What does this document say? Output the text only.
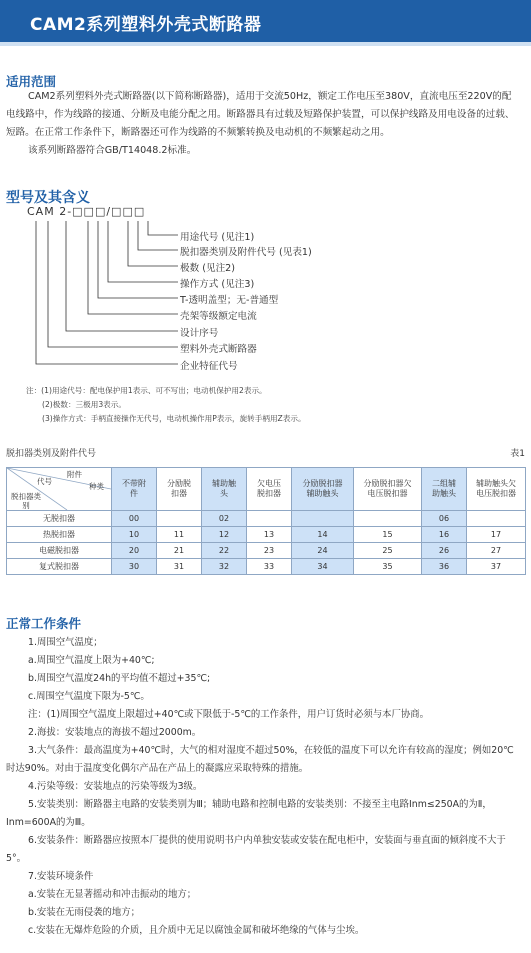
CAM2系列塑料外壳式断路器
适用范围

CAM2系列塑料外壳式断路器(以下简称断路器)，适用于交流50Hz，额定工作电压至380V，直流电压至220V的配电线路中，作为线路的接通、分断及电能分配之用。断路器具有过载及短路保护装置，可以保护线路及用电设备的过载、短路。在正常工作条件下，断路器还可作为线路的不频繁转换及电动机的不频繁起动之用。

该系列断路器符合GB/T14048.2标准。

型号及其含义
CAM 2-□□□/□□□
用途代号 (见注1)
脱扣器类别及附件代号 (见表1)
极数 (见注2)
操作方式 (见注3)
T-透明盖型；无-普通型
壳架等级额定电流
设计序号
塑料外壳式断路器
企业特征代号
注：(1)用途代号：配电保护用1表示、可不写出；电动机保护用2表示。
(2)极数：三极用3表示。
(3)操作方式：手柄直接操作无代号，电动机操作用P表示，旋转手柄用Z表示。
脱扣器类别及附件代号	表1
附件
代号
种类
脱扣器类别	不带附件	分励脱扣器	辅助触头	欠电压脱扣器	分励脱扣器辅助触头	分励脱扣器欠电压脱扣器	二组辅助触头	辅助触头欠电压脱扣器

无脱扣器	00		02				06	
热脱扣器	10	11	12	13	14	15	16	17
电磁脱扣器	20	21	22	23	24	25	26	27
复式脱扣器	30	31	32	33	34	35	36	37
正常工作条件
1.周围空气温度；
a.周围空气温度上限为+40℃;
b.周围空气温度24h的平均值不超过+35℃;
c.周围空气温度下限为-5℃。
注：(1)周围空气温度上限超过+40℃或下限低于-5℃的工作条件，用户订货时必须与本厂协商。
2.海拔：安装地点的海拔不超过2000m。
3.大气条件：最高温度为+40℃时，大气的相对湿度不超过50%，在较低的温度下可以允许有较高的湿度；例如20℃时达90%。对由于温度变化偶尔产品在产品上的凝露应采取特殊的措施。
4.污染等级：安装地点的污染等级为3级。
5.安装类别：断路器主电路的安装类别为Ⅲ；辅助电路和控制电路的安装类别：不接至主电路Inm≤250A的为Ⅱ，Inm=600A的为Ⅲ。
6.安装条件：断路器应按照本厂提供的使用说明书户内单独安装或安装在配电柜中，安装面与垂直面的倾斜度不大于5°。
7.安装环境条件
a.安装在无显著摇动和冲击振动的地方；
b.安装在无雨侵袭的地方；
c.安装在无爆炸危险的介质，且介质中无足以腐蚀金属和破坏绝缘的气体与尘埃。
